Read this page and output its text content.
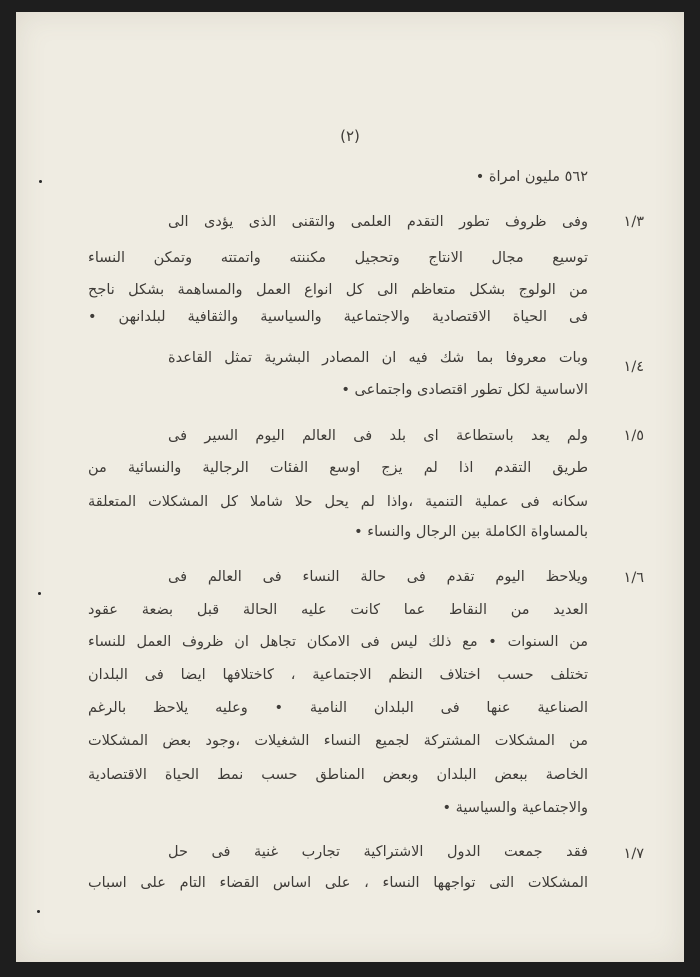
(٢)
٥٦٢ مليون امراة •
١/٣
وفى ظروف تطور التقدم العلمى والتقنى الذى يؤدى الى
توسيع مجال الانتاج وتحجيل مكننته واتمتته وتمكن النساء
من الولوج بشكل متعاظم الى كل انواع العمل والمساهمة بشكل ناجح
فى الحياة الاقتصادية والاجتماعية والسياسية والثقافية لبلدانهن •
١/٤
وبات معروفا بما شك فيه ان المصادر البشرية تمثل القاعدة
الاساسية لكل تطور اقتصادى واجتماعى •
١/٥
ولم يعد باستطاعة اى بلد فى العالم اليوم السير فى
طريق التقدم اذا لم يزج اوسع الفئات الرجالية والنسائية من
سكانه فى عملية التنمية ،واذا لم يحل حلا شاملا كل المشكلات المتعلقة
بالمساواة الكاملة بين الرجال والنساء •
١/٦
ويلاحظ اليوم تقدم فى حالة النساء فى العالم فى
العديد من النقاط عما كانت عليه الحالة قبل بضعة عقود
من السنوات • مع ذلك ليس فى الامكان تجاهل ان ظروف العمل للنساء
تختلف حسب اختلاف النظم الاجتماعية ، كاختلافها ايضا فى البلدان
الصناعية عنها فى البلدان النامية • وعليه يلاحظ بالرغم
من المشكلات المشتركة لجميع النساء الشغيلات ،وجود بعض المشكلات
الخاصة ببعض البلدان وبعض المناطق حسب نمط الحياة الاقتصادية
والاجتماعية والسياسية •
١/٧
فقد جمعت الدول الاشتراكية تجارب غنية فى حل
المشكلات التى تواجهها النساء ، على اساس القضاء التام على اسباب
